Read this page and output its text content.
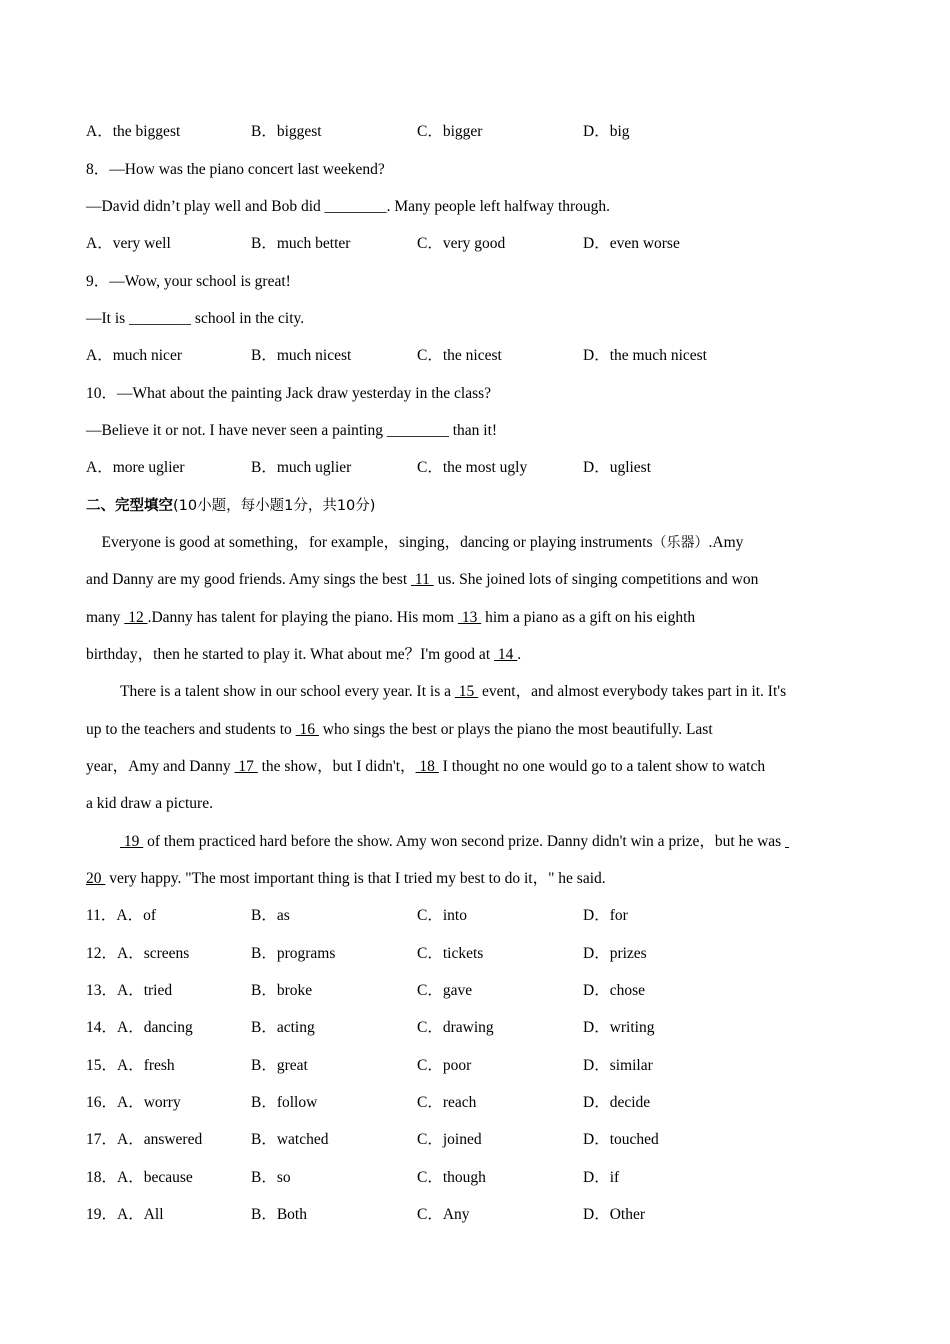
A．the biggest	B．biggest	C．bigger	D．big
8．—How was the piano concert last weekend?
—David didn’t play well and Bob did ________. Many people left halfway through.
A．very well	B．much better	C．very good	D．even worse
9．—Wow, your school is great!
—It is ________ school in the city.
A．much nicer	B．much nicest	C．the nicest	D．the much nicest
10．—What about the painting Jack draw yesterday in the class?
—Believe it or not. I have never seen a painting ________ than it!
A．more uglier	B．much uglier	C．the most ugly	D．ugliest
二、完型填空(10小题，每小题1分，共10分)
Everyone is good at something，for example，singing，dancing or playing instruments（乐器）.Amy
and Danny are my good friends. Amy sings the best  11  us. She joined lots of singing competitions and won
many  12 .Danny has talent for playing the piano. His mom  13  him a piano as a gift on his eighth
birthday，then he started to play it. What about me？I'm good at  14 .
There is a talent show in our school every year. It is a  15  event，and almost everybody takes part in it. It's
up to the teachers and students to  16  who sings the best or plays the piano the most beautifully. Last
year，Amy and Danny  17  the show，but I didn't， 18  I thought no one would go to a talent show to watch
a kid draw a picture.
19  of them practiced hard before the show. Amy won second prize. Danny didn't win a prize，but he was
20  very happy. "The most important thing is that I tried my best to do it，" he said.
11．A．of	B．as	C．into	D．for
12．A．screens	B．programs	C．tickets	D．prizes
13．A．tried	B．broke	C．gave	D．chose
14．A．dancing	B．acting	C．drawing	D．writing
15．A．fresh	B．great	C．poor	D．similar
16．A．worry	B．follow	C．reach	D．decide
17．A．answered	B．watched	C．joined	D．touched
18．A．because	B．so	C．though	D．if
19．A．All	B．Both	C．Any	D．Other
